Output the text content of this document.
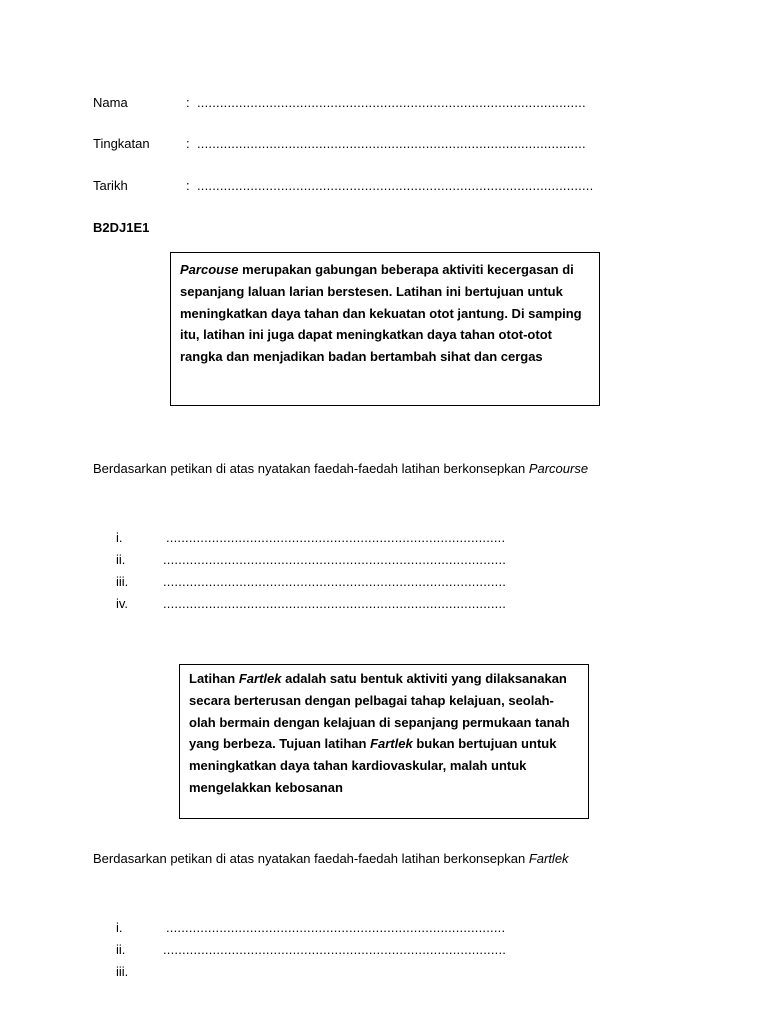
Nama	: ......................................................................................................
Tingkatan	: ......................................................................................................
Tarikh	: ........................................................................................................
B2DJ1E1
Parcouse merupakan gabungan beberapa aktiviti kecergasan di sepanjang laluan larian berstesen. Latihan ini bertujuan untuk meningkatkan daya tahan dan kekuatan otot jantung. Di samping itu, latihan ini juga dapat meningkatkan daya tahan otot-otot rangka dan menjadikan badan bertambah sihat dan cergas
Berdasarkan petikan di atas nyatakan faedah-faedah latihan berkonsepkan Parcourse
i.	.........................................................................................
ii.	..........................................................................................
iii.	..........................................................................................
iv.	..........................................................................................
Latihan Fartlek adalah satu bentuk aktiviti yang dilaksanakan secara berterusan dengan pelbagai tahap kelajuan, seolah-olah bermain dengan kelajuan di sepanjang permukaan tanah yang berbeza. Tujuan latihan Fartlek bukan bertujuan untuk meningkatkan daya tahan kardiovaskular, malah untuk mengelakkan kebosanan
Berdasarkan petikan di atas nyatakan faedah-faedah latihan berkonsepkan Fartlek
i.	.........................................................................................
ii.	..........................................................................................
iii.
